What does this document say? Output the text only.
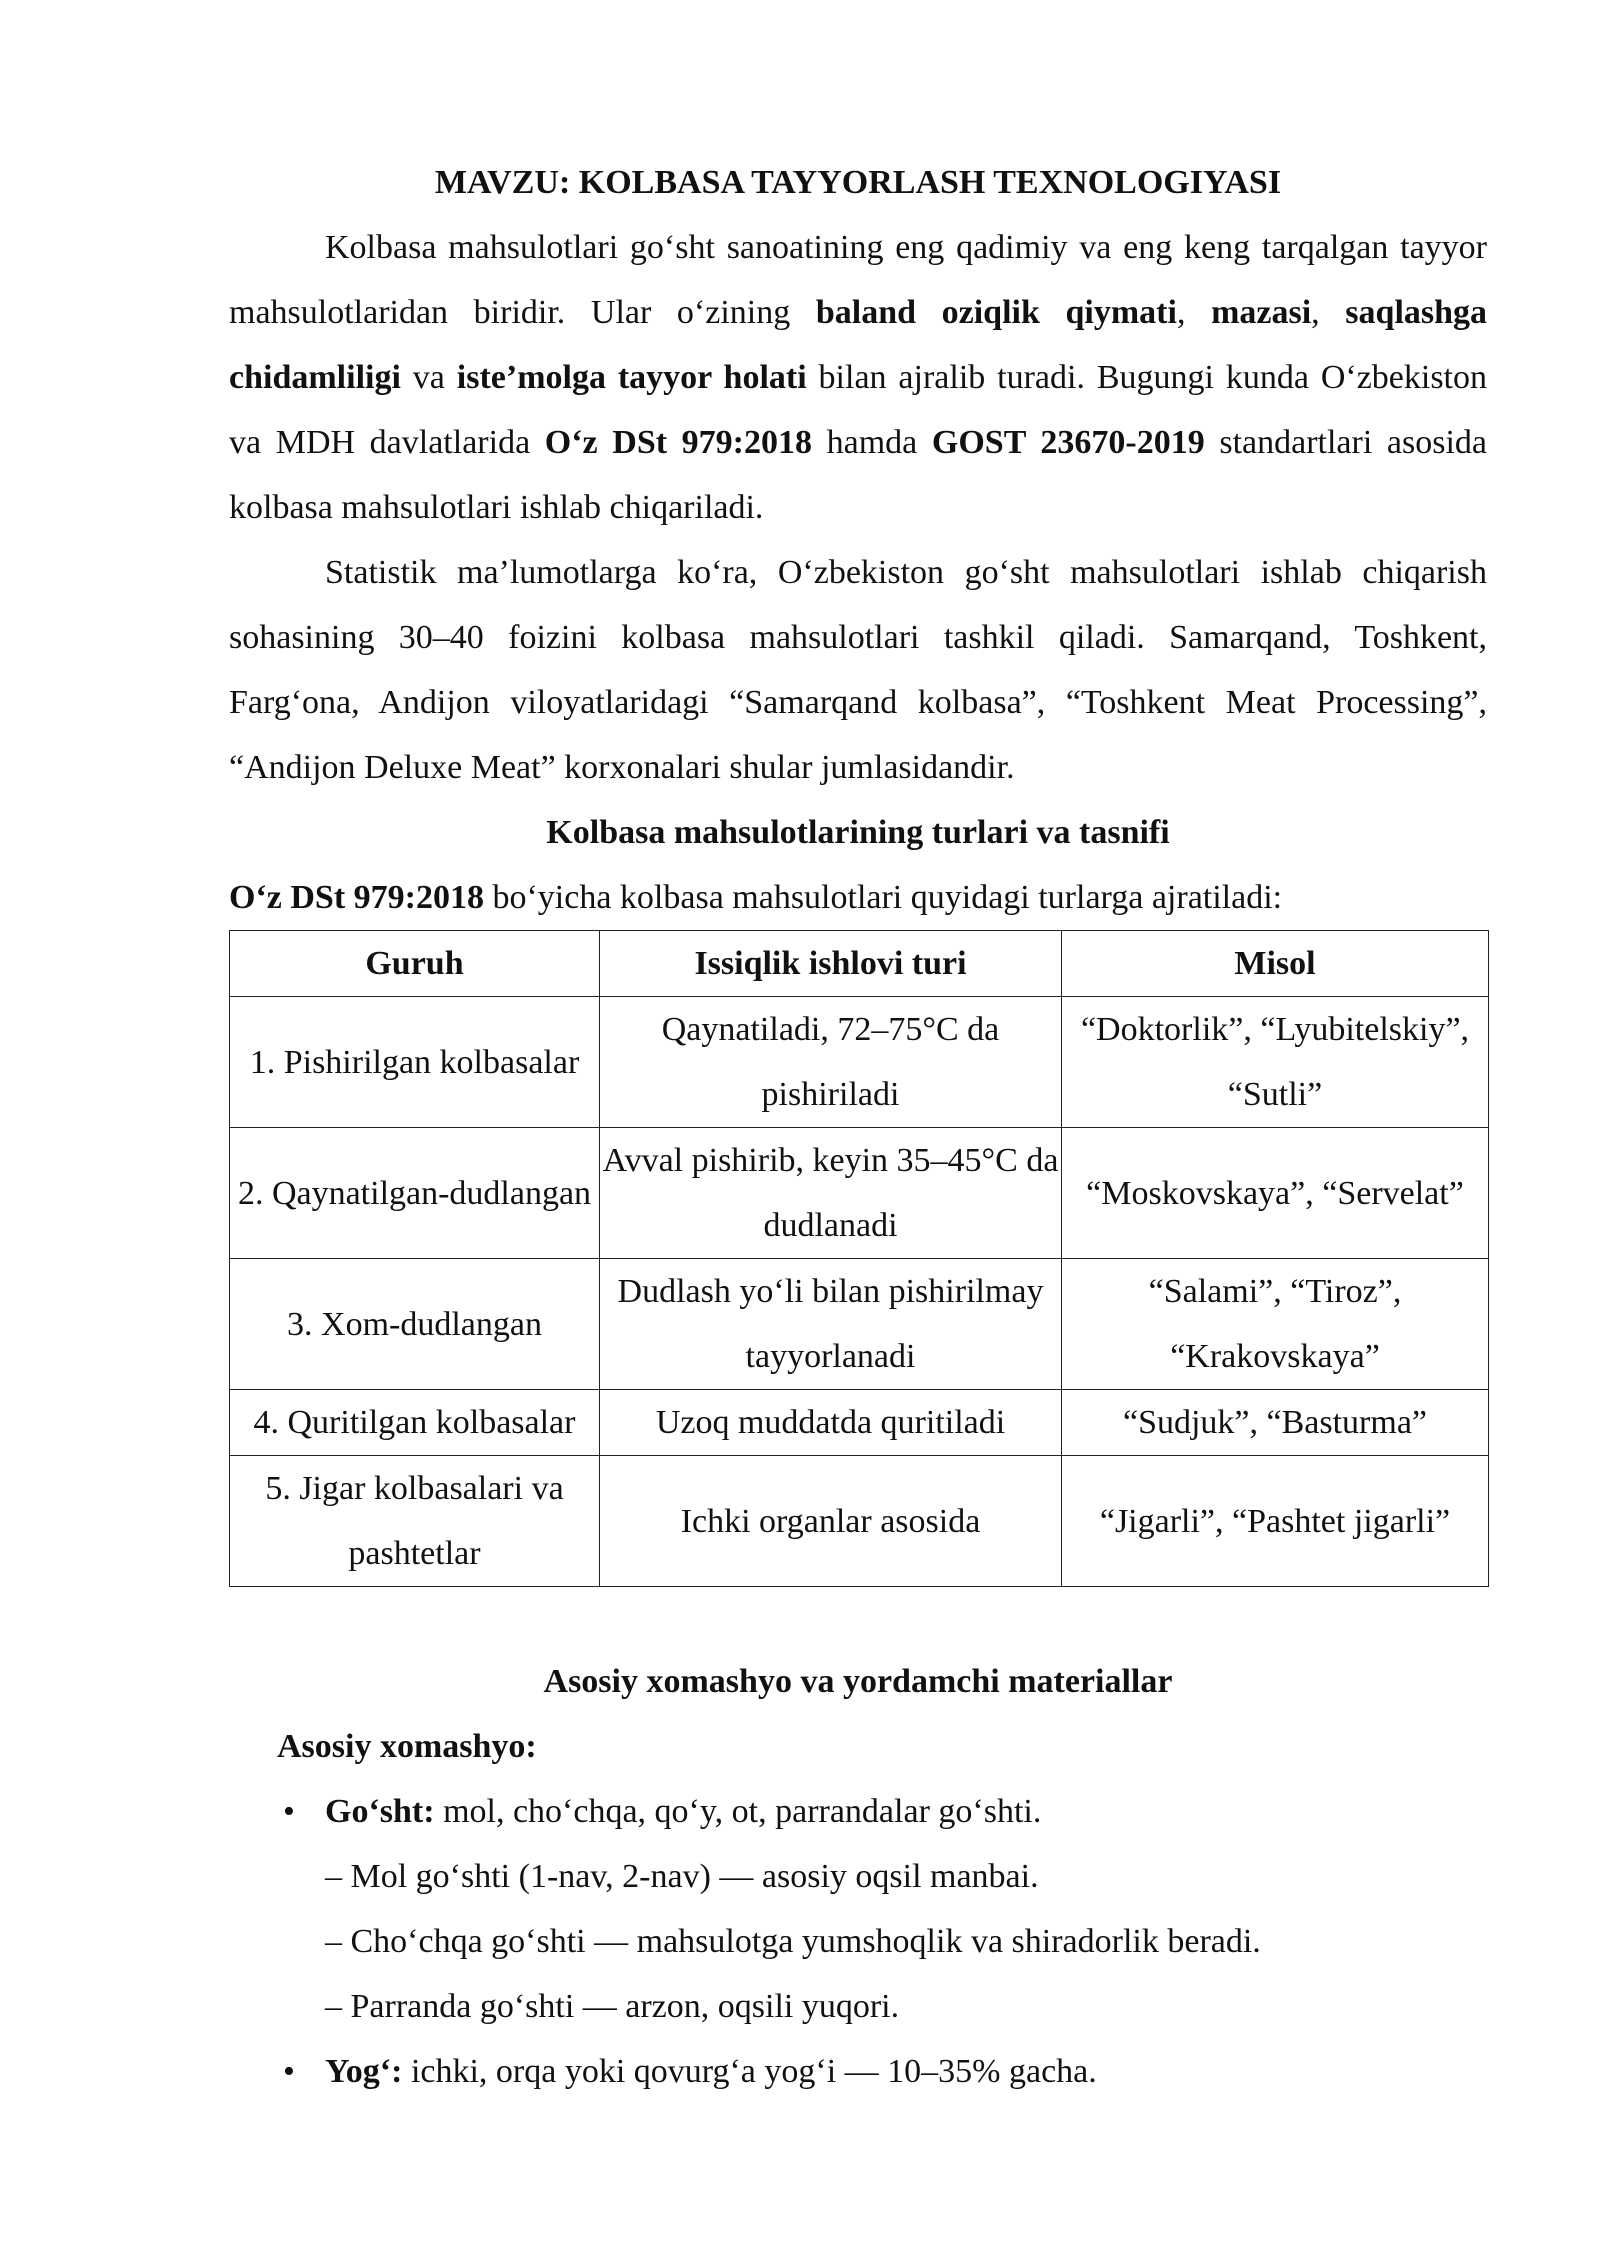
MAVZU: KOLBASA TAYYORLASH TEXNOLOGIYASI

Kolbasa mahsulotlari go‘sht sanoatining eng qadimiy va eng keng tarqalgan tayyor mahsulotlaridan biridir. Ular o‘zining baland oziqlik qiymati, mazasi, saqlashga chidamliligi va iste’molga tayyor holati bilan ajralib turadi. Bugungi kunda O‘zbekiston va MDH davlatlarida O‘z DSt 979:2018 hamda GOST 23670-2019 standartlari asosida kolbasa mahsulotlari ishlab chiqariladi.

Statistik ma’lumotlarga ko‘ra, O‘zbekiston go‘sht mahsulotlari ishlab chiqarish sohasining 30–40 foizini kolbasa mahsulotlari tashkil qiladi. Samarqand, Toshkent, Farg‘ona, Andijon viloyatlaridagi “Samarqand kolbasa”, “Toshkent Meat Processing”, “Andijon Deluxe Meat” korxonalari shular jumlasidandir.

Kolbasa mahsulotlarining turlari va tasnifi

O‘z DSt 979:2018 bo‘yicha kolbasa mahsulotlari quyidagi turlarga ajratiladi:

Guruh	Issiqlik ishlovi turi	Misol
1. Pishirilgan kolbasalar	Qaynatiladi, 72–75°C da pishiriladi	“Doktorlik”, “Lyubitelskiy”, “Sutli”
2. Qaynatilgan-dudlangan	Avval pishirib, keyin 35–45°C da dudlanadi	“Moskovskaya”, “Servelat”
3. Xom-dudlangan	Dudlash yo‘li bilan pishirilmay tayyorlanadi	“Salami”, “Tiroz”, “Krakovskaya”
4. Quritilgan kolbasalar	Uzoq muddatda quritiladi	“Sudjuk”, “Basturma”
5. Jigar kolbasalari va pashtetlar	Ichki organlar asosida	“Jigarli”, “Pashtet jigarli”

Asosiy xomashyo va yordamchi materiallar

Asosiy xomashyo:

• Go‘sht: mol, cho‘chqa, qo‘y, ot, parrandalar go‘shti.

– Mol go‘shti (1-nav, 2-nav) — asosiy oqsil manbai.

– Cho‘chqa go‘shti — mahsulotga yumshoqlik va shiradorlik beradi.

– Parranda go‘shti — arzon, oqsili yuqori.

• Yog‘: ichki, orqa yoki qovurg‘a yog‘i — 10–35% gacha.
